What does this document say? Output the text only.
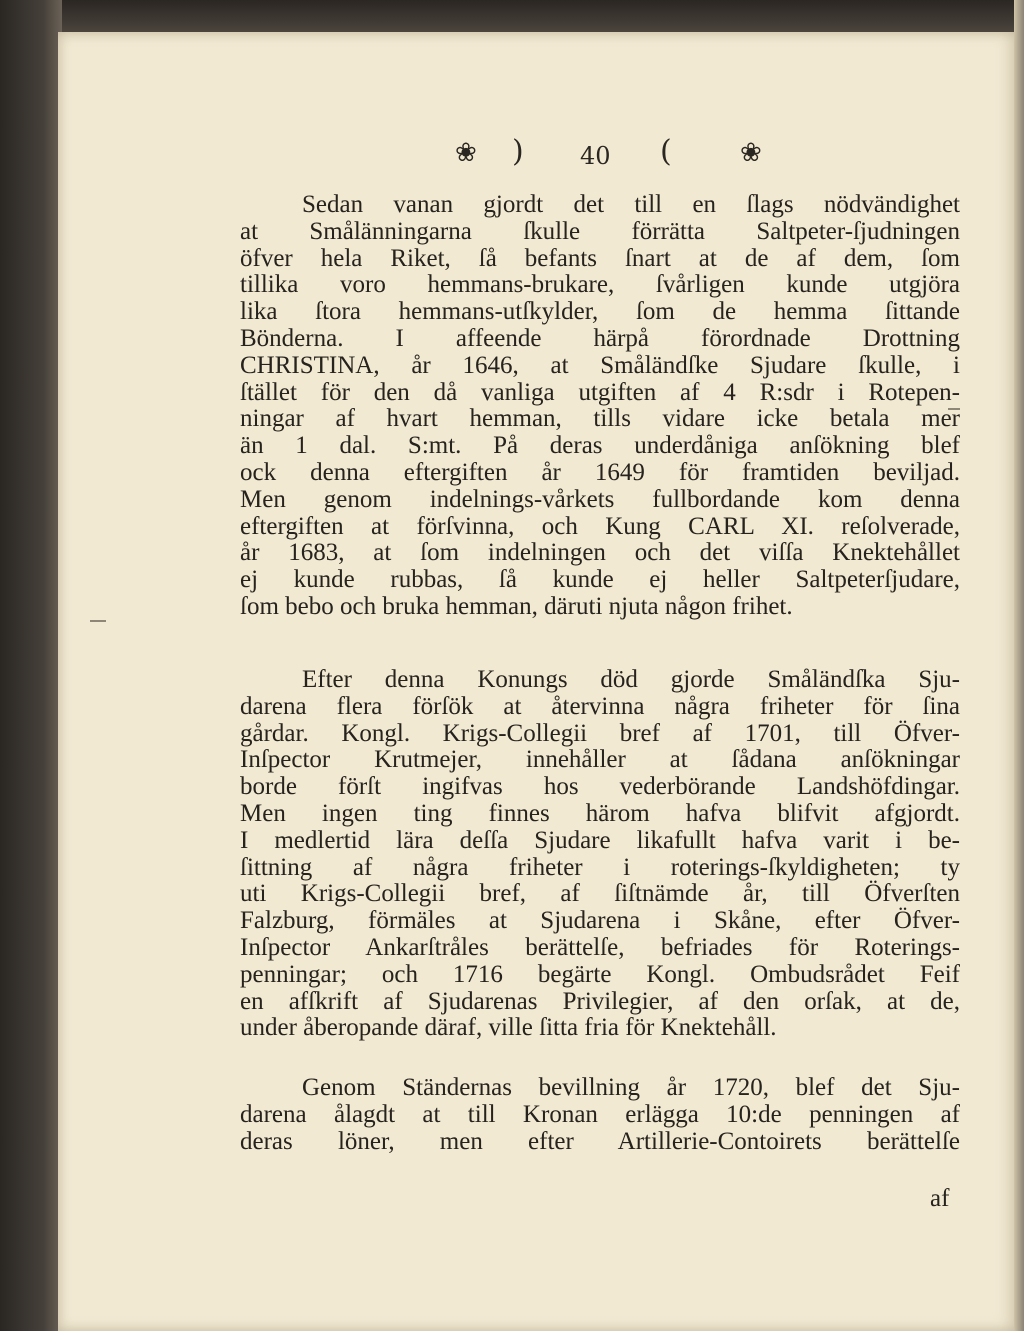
❀ ) 40 (	❀
Sedan vanan gjordt det till en ſlags nödvändighet
at Smålänningarna ſkulle förrätta Saltpeter-ſjudningen
öfver hela Riket, ſå befants ſnart at de af dem, ſom
tillika voro hemmans-brukare, ſvårligen kunde utgjöra
lika ſtora hemmans-utſkylder, ſom de hemma ſittande
Bönderna. I affeende härpå förordnade Drottning
CHRISTINA, år 1646, at Småländſke Sjudare ſkulle, i
ſtället för den då vanliga utgiften af 4 R:sdr i Rotepen-
ningar af hvart hemman, tills vidare icke betala mer
än 1 dal. S:mt. På deras underdåniga anſökning blef
ock denna eftergiften år 1649 för framtiden beviljad.
Men genom indelnings-vårkets fullbordande kom denna
eftergiften at förſvinna, och Kung CARL XI. reſolverade,
år 1683, at ſom indelningen och det viſſa Knektehållet
ej kunde rubbas, ſå kunde ej heller Saltpeterſjudare,
ſom bebo och bruka hemman, däruti njuta någon frihet.
Efter denna Konungs död gjorde Småländſka Sju-
darena flera förſök at återvinna några friheter för ſina
gårdar. Kongl. Krigs-Collegii bref af 1701, till Öfver-
Inſpector Krutmejer, innehåller at ſådana anſökningar
borde förſt ingifvas hos vederbörande Landshöfdingar.
Men ingen ting finnes härom hafva blifvit afgjordt.
I medlertid lära deſſa Sjudare likafullt hafva varit i be-
ſittning af några friheter i roterings-ſkyldigheten; ty
uti Krigs-Collegii bref, af ſiſtnämde år, till Öfverſten
Falzburg, förmäles at Sjudarena i Skåne, efter Öfver-
Inſpector Ankarſtråles berättelſe, befriades för Roterings-
penningar; och 1716 begärte Kongl. Ombudsrådet Feif
en afſkrift af Sjudarenas Privilegier, af den orſak, at de,
under åberopande däraf, ville ſitta fria för Knektehåll.
Genom Ständernas bevillning år 1720, blef det Sju-
darena ålagdt at till Kronan erlägga 10:de penningen af
deras löner, men efter Artillerie-Contoirets berättelſe
af
